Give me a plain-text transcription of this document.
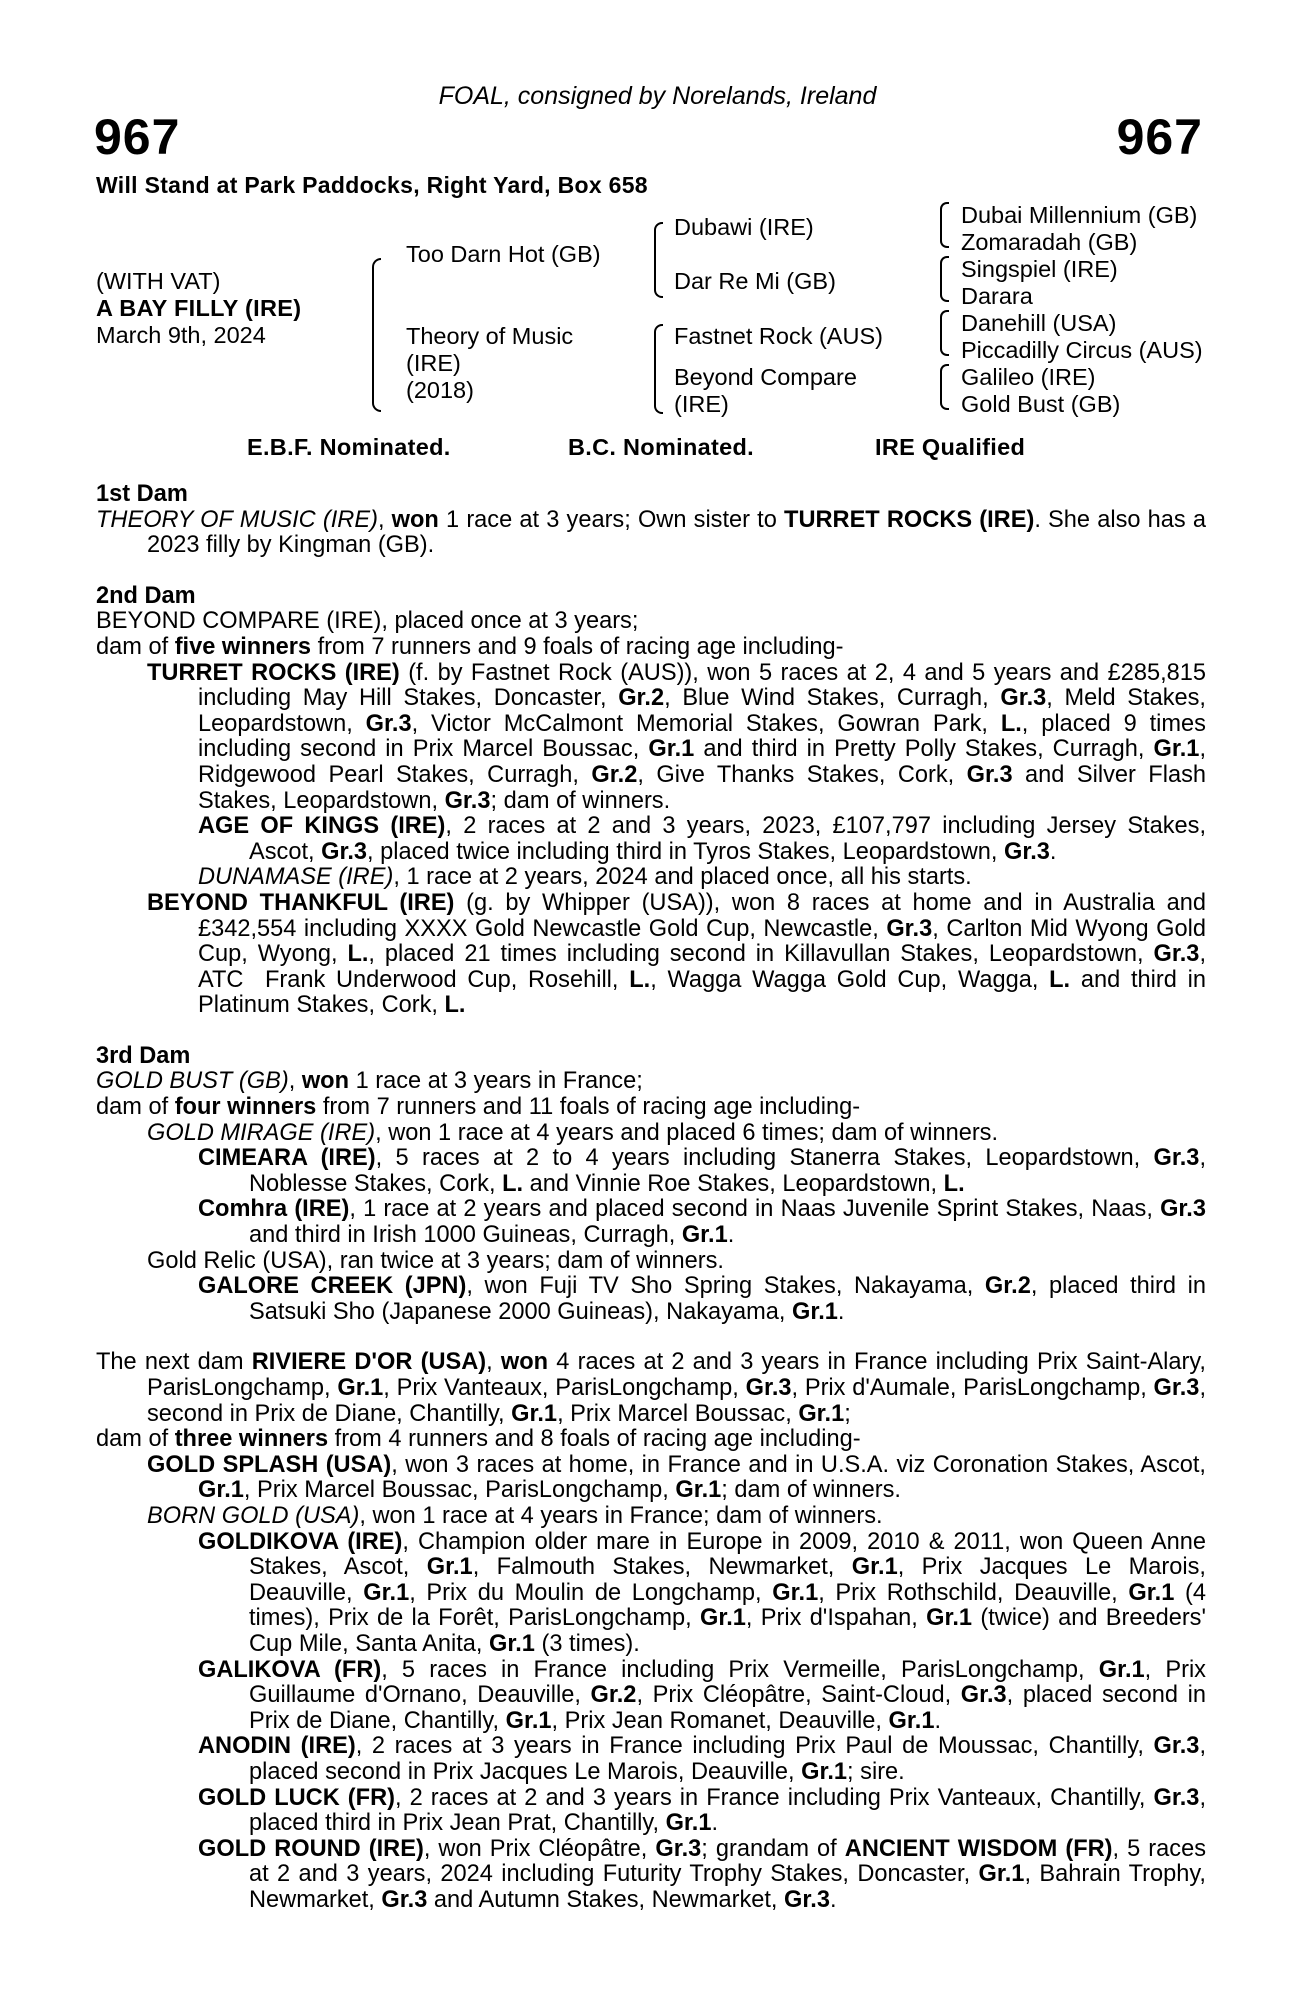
FOAL, consigned by Norelands, Ireland
967	967
Will Stand at Park Paddocks, Right Yard, Box 658
(WITH VAT)
A BAY FILLY (IRE)
March 9th, 2024
Too Darn Hot (GB)
Theory of Music
(IRE)
(2018)
Dubawi (IRE)
Dar Re Mi (GB)
Fastnet Rock (AUS)
Beyond Compare
(IRE)
Dubai Millennium (GB)
Zomaradah (GB)
Singspiel (IRE)
Darara
Danehill (USA)
Piccadilly Circus (AUS)
Galileo (IRE)
Gold Bust (GB)
E.B.F. Nominated.	B.C. Nominated.	IRE Qualified
1st Dam

THEORY OF MUSIC (IRE), won 1 race at 3 years; Own sister to TURRET ROCKS (IRE). She also has a 2023 filly by Kingman (GB).

2nd Dam

BEYOND COMPARE (IRE), placed once at 3 years;

dam of five winners from 7 runners and 9 foals of racing age including-

TURRET ROCKS (IRE) (f. by Fastnet Rock (AUS)), won 5 races at 2, 4 and 5 years and £285,815 including May Hill Stakes, Doncaster, Gr.2, Blue Wind Stakes, Curragh, Gr.3, Meld Stakes, Leopardstown, Gr.3, Victor McCalmont Memorial Stakes, Gowran Park, L., placed 9 times including second in Prix Marcel Boussac, Gr.1 and third in Pretty Polly Stakes, Curragh, Gr.1, Ridgewood Pearl Stakes, Curragh, Gr.2, Give Thanks Stakes, Cork, Gr.3 and Silver Flash Stakes, Leopardstown, Gr.3; dam of winners.

AGE OF KINGS (IRE), 2 races at 2 and 3 years, 2023, £107,797 including Jersey Stakes, Ascot, Gr.3, placed twice including third in Tyros Stakes, Leopardstown, Gr.3.

DUNAMASE (IRE), 1 race at 2 years, 2024 and placed once, all his starts.

BEYOND THANKFUL (IRE) (g. by Whipper (USA)), won 8 races at home and in Australia and £342,554 including XXXX Gold Newcastle Gold Cup, Newcastle, Gr.3, Carlton Mid Wyong Gold Cup, Wyong, L., placed 21 times including second in Killavullan Stakes, Leopardstown, Gr.3, ATC  Frank Underwood Cup, Rosehill, L., Wagga Wagga Gold Cup, Wagga, L. and third in Platinum Stakes, Cork, L.

3rd Dam

GOLD BUST (GB), won 1 race at 3 years in France;

dam of four winners from 7 runners and 11 foals of racing age including-

GOLD MIRAGE (IRE), won 1 race at 4 years and placed 6 times; dam of winners.

CIMEARA (IRE), 5 races at 2 to 4 years including Stanerra Stakes, Leopardstown, Gr.3, Noblesse Stakes, Cork, L. and Vinnie Roe Stakes, Leopardstown, L.

Comhra (IRE), 1 race at 2 years and placed second in Naas Juvenile Sprint Stakes, Naas, Gr.3 and third in Irish 1000 Guineas, Curragh, Gr.1.

Gold Relic (USA), ran twice at 3 years; dam of winners.

GALORE CREEK (JPN), won Fuji TV Sho Spring Stakes, Nakayama, Gr.2, placed third in Satsuki Sho (Japanese 2000 Guineas), Nakayama, Gr.1.

The next dam RIVIERE D'OR (USA), won 4 races at 2 and 3 years in France including Prix Saint-Alary, ParisLongchamp, Gr.1, Prix Vanteaux, ParisLongchamp, Gr.3, Prix d'Aumale, ParisLongchamp, Gr.3, second in Prix de Diane, Chantilly, Gr.1, Prix Marcel Boussac, Gr.1;

dam of three winners from 4 runners and 8 foals of racing age including-

GOLD SPLASH (USA), won 3 races at home, in France and in U.S.A. viz Coronation Stakes, Ascot, Gr.1, Prix Marcel Boussac, ParisLongchamp, Gr.1; dam of winners.

BORN GOLD (USA), won 1 race at 4 years in France; dam of winners.

GOLDIKOVA (IRE), Champion older mare in Europe in 2009, 2010 & 2011, won Queen Anne Stakes, Ascot, Gr.1, Falmouth Stakes, Newmarket, Gr.1, Prix Jacques Le Marois, Deauville, Gr.1, Prix du Moulin de Longchamp, Gr.1, Prix Rothschild, Deauville, Gr.1 (4 times), Prix de la Forêt, ParisLongchamp, Gr.1, Prix d'Ispahan, Gr.1 (twice) and Breeders' Cup Mile, Santa Anita, Gr.1 (3 times).

GALIKOVA (FR), 5 races in France including Prix Vermeille, ParisLongchamp, Gr.1, Prix Guillaume d'Ornano, Deauville, Gr.2, Prix Cléopâtre, Saint-Cloud, Gr.3, placed second in Prix de Diane, Chantilly, Gr.1, Prix Jean Romanet, Deauville, Gr.1.

ANODIN (IRE), 2 races at 3 years in France including Prix Paul de Moussac, Chantilly, Gr.3, placed second in Prix Jacques Le Marois, Deauville, Gr.1; sire.

GOLD LUCK (FR), 2 races at 2 and 3 years in France including Prix Vanteaux, Chantilly, Gr.3, placed third in Prix Jean Prat, Chantilly, Gr.1.

GOLD ROUND (IRE), won Prix Cléopâtre, Gr.3; grandam of ANCIENT WISDOM (FR), 5 races at 2 and 3 years, 2024 including Futurity Trophy Stakes, Doncaster, Gr.1, Bahrain Trophy, Newmarket, Gr.3 and Autumn Stakes, Newmarket, Gr.3.
